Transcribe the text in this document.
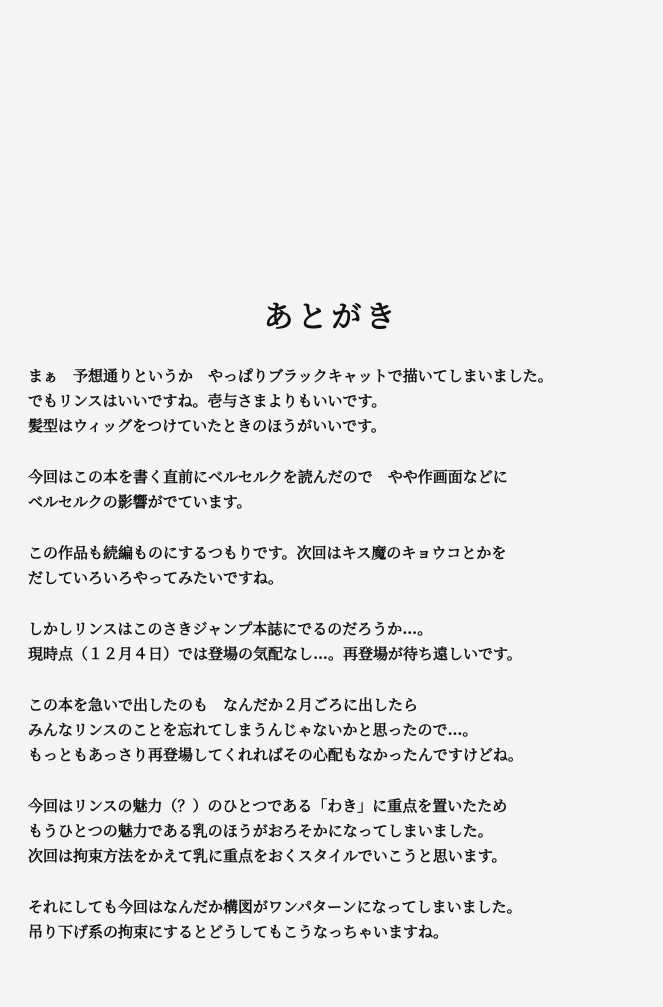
あとがき
まぁ　予想通りというか　やっぱりブラックキャットで描いてしまいました。
でもリンスはいいですね。壱与さまよりもいいです。
髪型はウィッグをつけていたときのほうがいいです。
今回はこの本を書く直前にベルセルクを読んだので　やや作画面などに
ベルセルクの影響がでています。
この作品も続編ものにするつもりです。次回はキス魔のキョウコとかを
だしていろいろやってみたいですね。
しかしリンスはこのさきジャンプ本誌にでるのだろうか…。
現時点（１２月４日）では登場の気配なし…。再登場が待ち遠しいです。
この本を急いで出したのも　なんだか２月ごろに出したら
みんなリンスのことを忘れてしまうんじゃないかと思ったので…。
もっともあっさり再登場してくれればその心配もなかったんですけどね。
今回はリンスの魅力（？）のひとつである「わき」に重点を置いたため
もうひとつの魅力である乳のほうがおろそかになってしまいました。
次回は拘束方法をかえて乳に重点をおくスタイルでいこうと思います。
それにしても今回はなんだか構図がワンパターンになってしまいました。
吊り下げ系の拘束にするとどうしてもこうなっちゃいますね。
